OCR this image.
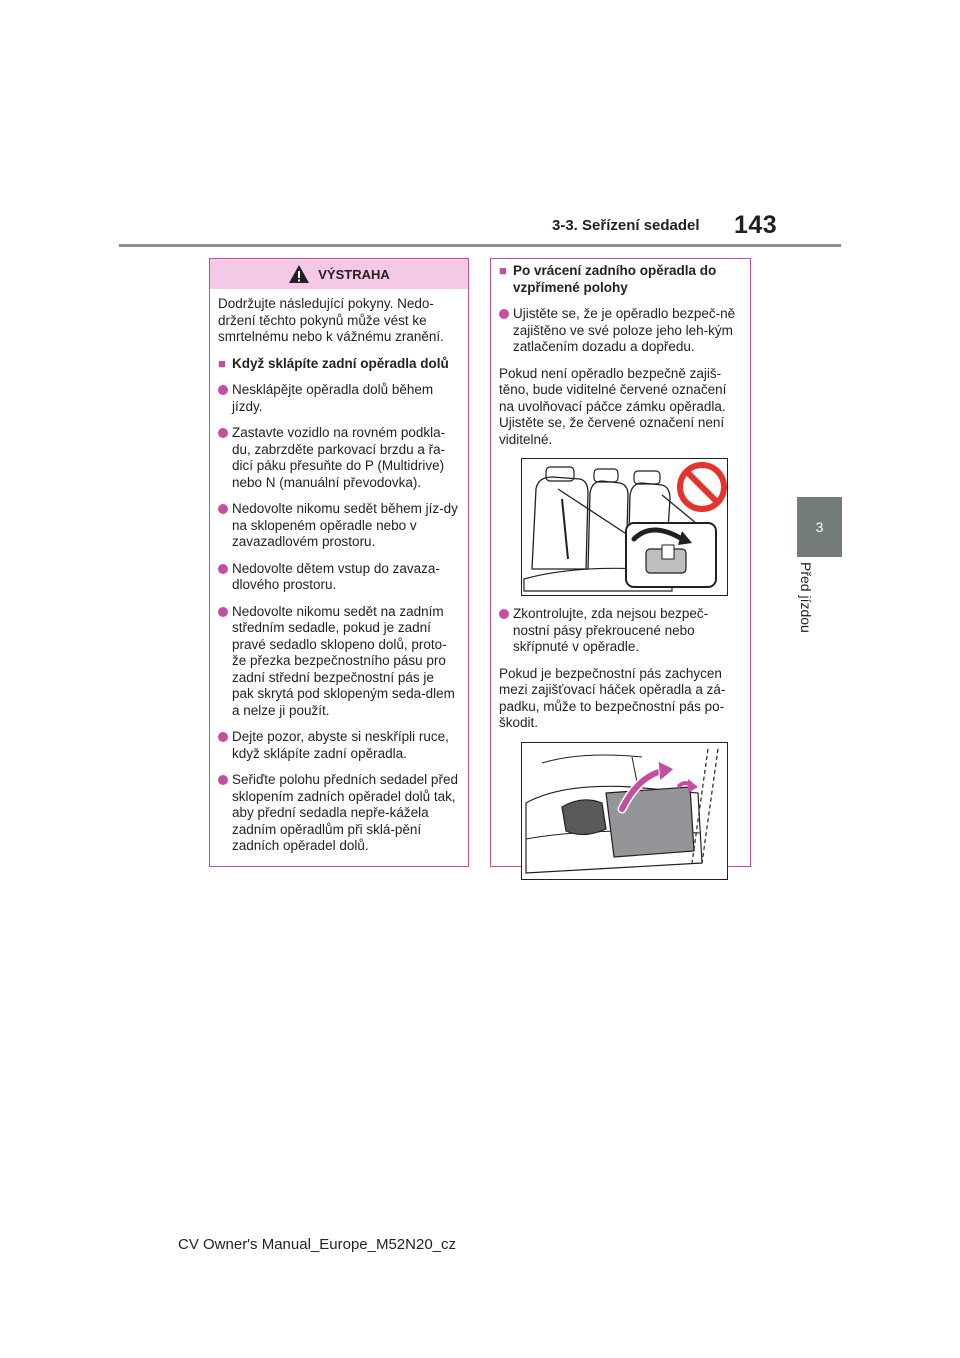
3-3. Seřízení sedadel 143
3
Před jízdou
VÝSTRAHA

Dodržujte následující pokyny. Nedo-držení těchto pokynů může vést ke smrtelnému nebo k vážnému zranění.

■ Když sklápíte zadní opěradla dolů
Nesklápějte opěradla dolů během jízdy.
Zastavte vozidlo na rovném podkla-du, zabrzděte parkovací brzdu a řa-dicí páku přesuňte do P (Multidrive) nebo N (manuální převodovka).
Nedovolte nikomu sedět během jíz-dy na sklopeném opěradle nebo v zavazadlovém prostoru.
Nedovolte dětem vstup do zavaza-dlového prostoru.
Nedovolte nikomu sedět na zadním středním sedadle, pokud je zadní pravé sedadlo sklopeno dolů, proto-že přezka bezpečnostního pásu pro zadní střední bezpečnostní pás je pak skrytá pod sklopeným seda-dlem a nelze ji použít.
Dejte pozor, abyste si neskřípli ruce, když sklápíte zadní opěradla.
Seřiďte polohu předních sedadel před sklopením zadních opěradel dolů tak, aby přední sedadla nepře-kážela zadním opěradlům při sklá-pění zadních opěradel dolů.
■ Po vrácení zadního opěradla do vzpřímené polohy
Ujistěte se, že je opěradlo bezpeč-ně zajištěno ve své poloze jeho leh-kým zatlačením dozadu a dopředu.

Pokud není opěradlo bezpečně zajiš-těno, bude viditelné červené označení na uvolňovací páčce zámku opěradla. Ujistěte se, že červené označení není viditelné.

Zkontrolujte, zda nejsou bezpeč-nostní pásy překroucené nebo skřípnuté v opěradle.

Pokud je bezpečnostní pás zachycen mezi zajišťovací háček opěradla a zá-padku, může to bezpečnostní pás po-škodit.

CV Owner's Manual_Europe_M52N20_cz
